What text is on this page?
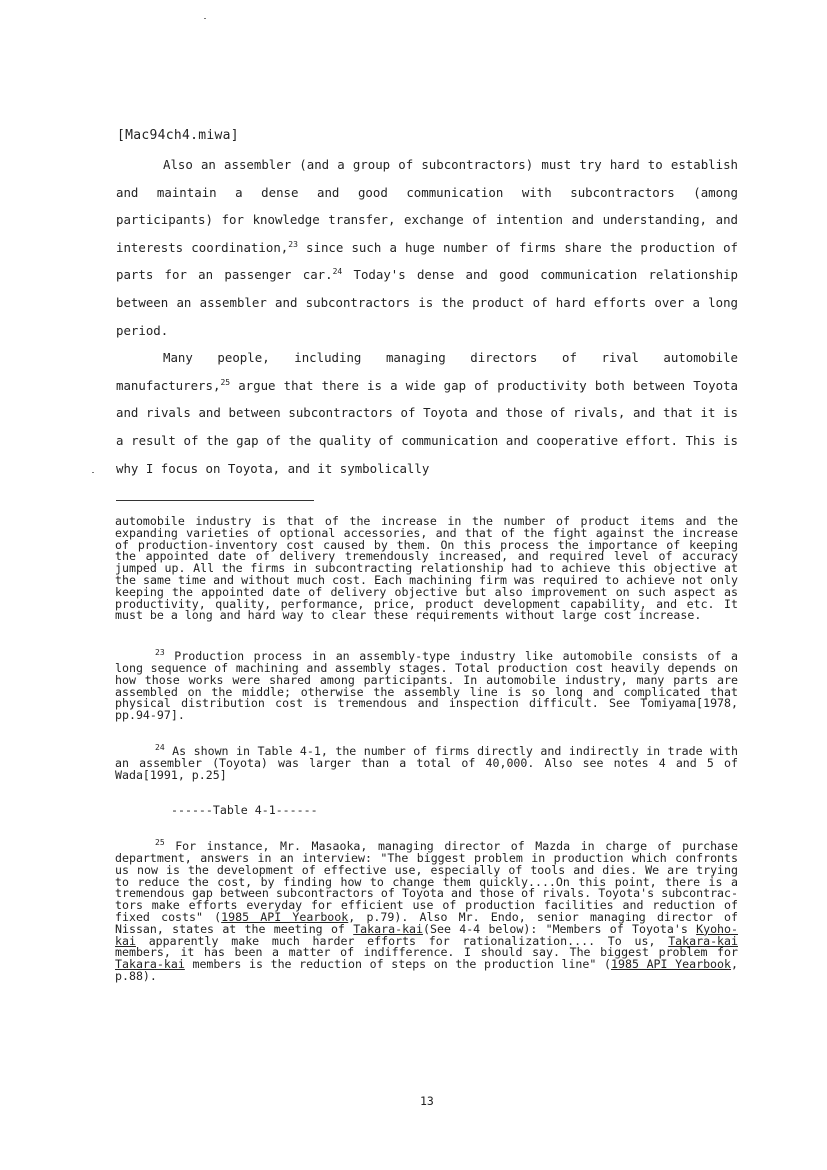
[Mac94ch4.miwa]

Also an assembler (and a group of subcontractors) must try hard to establish and maintain a dense and good communication with subcontractors (among participants) for knowledge transfer, exchange of intention and understanding, and interests coordination,$^{23}$ since such a huge number of firms share the production of parts for an passenger car.$^{24}$ Today's dense and good communication relationship between an assembler and subcontractors is the product of hard efforts over a long period.

Many people, including managing directors of rival automobile manufacturers,$^{25}$ argue that there is a wide gap of productivity both between Toyota and rivals and between subcontractors of Toyota and those of rivals, and that it is a result of the gap of the quality of communication and cooperative effort. This is why I focus on Toyota, and it symbolically

automobile industry is that of the increase in the number of product items and the expanding varieties of optional accessories, and that of the fight against the increase of production-inventory cost caused by them. On this process the importance of keeping the appointed date of delivery tremendously increased, and required level of accuracy jumped up. All the firms in subcontracting relationship had to achieve this objective at the same time and without much cost. Each machining firm was required to achieve not only keeping the appointed date of delivery objective but also improvement on such aspect as productivity, quality, performance, price, product development capability, and etc. It must be a long and hard way to clear these requirements without large cost increase.

$^{23}$ Production process in an assembly-type industry like automobile consists of a long sequence of machining and assembly stages. Total production cost heavily depends on how those works were shared among participants. In automobile industry, many parts are assembled on the middle; otherwise the assembly line is so long and complicated that physical distribution cost is tremendous and inspection difficult. See Tomiyama[1978, pp.94-97].

$^{24}$ As shown in Table 4-1, the number of firms directly and indirectly in trade with an assembler (Toyota) was larger than a total of 40,000. Also see notes 4 and 5 of Wada[1991, p.25]

------Table 4-1------

$^{25}$ For instance, Mr. Masaoka, managing director of Mazda in charge of purchase department, answers in an interview: "The biggest problem in production which confronts us now is the development of effective use, especially of tools and dies. We are trying to reduce the cost, by finding how to change them quickly....On this point, there is a tremendous gap between subcontractors of Toyota and those of rivals. Toyota's subcontrac-tors make efforts everyday for efficient use of production facilities and reduction of fixed costs" (1985 API Yearbook, p.79). Also Mr. Endo, senior managing director of Nissan, states at the meeting of Takara-kai(See 4-4 below): "Members of Toyota's Kyoho-kai apparently make much harder efforts for rationalization.... To us, Takara-kai members, it has been a matter of indifference. I should say. The biggest problem for Takara-kai members is the reduction of steps on the production line" (1985 API Yearbook, p.88).

13
